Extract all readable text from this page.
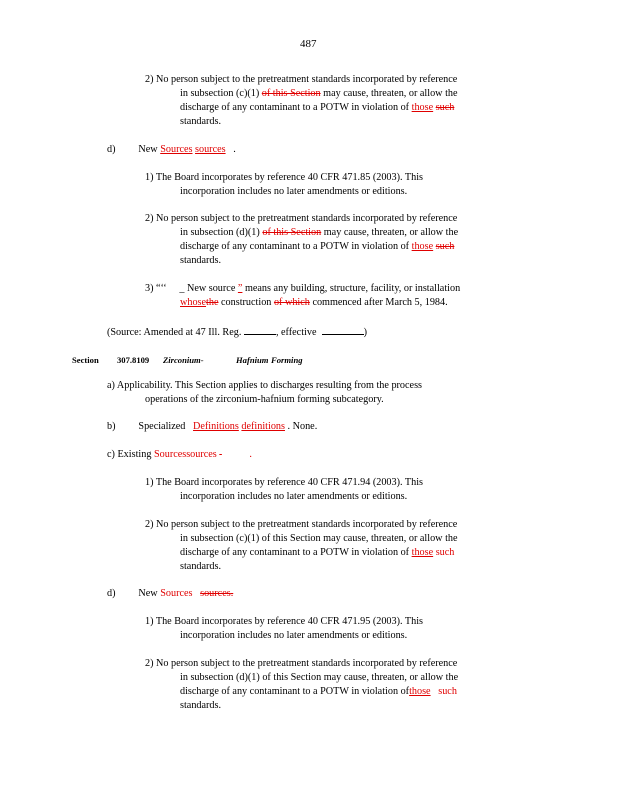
487
2) No person subject to the pretreatment standards incorporated by reference
in subsection (c)(1) of this Section may cause, threaten, or allow the
discharge of any contaminant to a POTW in violation of those such
standards.
d) New Sources sources .
1) The Board incorporates by reference 40 CFR 471.85 (2003). This
incorporation includes no later amendments or editions.
2) No person subject to the pretreatment standards incorporated by reference
in subsection (d)(1) of this Section may cause, threaten, or allow the
discharge of any contaminant to a POTW in violation of those such
standards.
3) “‘‘ _ New source ” means any building, structure, facility, or installation
whosethe construction of which commenced after March 5, 1984.
(Source: Amended at 47 Ill. Reg.	, effective	)
Section 307.8109 Zirconium-	Hafnium Forming
a) Applicability. This Section applies to discharges resulting from the process
operations of the zirconium-hafnium forming subcategory.
b) Specialized Definitions definitions . None.
c) Existing Sourcessources	.
1) The Board incorporates by reference 40 CFR 471.94 (2003). This
incorporation includes no later amendments or editions.
2) No person subject to the pretreatment standards incorporated by reference
in subsection (c)(1) of this Section may cause, threaten, or allow the
discharge of any contaminant to a POTW in violation of those such
standards.
d) New Sources sources.
1) The Board incorporates by reference 40 CFR 471.95 (2003). This
incorporation includes no later amendments or editions.
2) No person subject to the pretreatment standards incorporated by reference
in subsection (d)(1) of this Section may cause, threaten, or allow the
discharge of any contaminant to a POTW in violation ofthose such
standards.
